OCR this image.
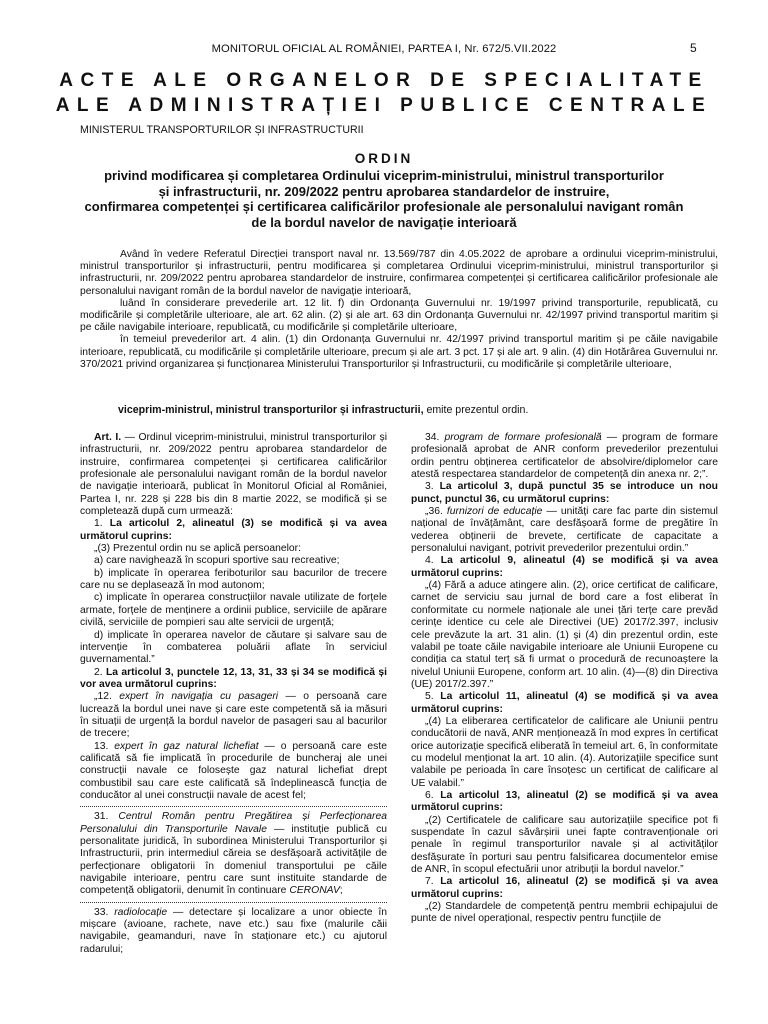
MONITORUL OFICIAL AL ROMÂNIEI, PARTEA I, Nr. 672/5.VII.2022	5
ACTE ALE ORGANELOR DE SPECIALITATE
ALE ADMINISTRAȚIEI PUBLICE CENTRALE
MINISTERUL TRANSPORTURILOR ȘI INFRASTRUCTURII
ORDIN
privind modificarea și completarea Ordinului viceprim-ministrului, ministrul transporturilor
și infrastructurii, nr. 209/2022 pentru aprobarea standardelor de instruire,
confirmarea competenței și certificarea calificărilor profesionale ale personalului navigant român
de la bordul navelor de navigație interioară

Având în vedere Referatul Direcției transport naval nr. 13.569/787 din 4.05.2022 de aprobare a ordinului viceprim-ministrului, ministrul transporturilor și infrastructurii, pentru modificarea și completarea Ordinului viceprim-ministrului, ministrul transporturilor și infrastructurii, nr. 209/2022 pentru aprobarea standardelor de instruire, confirmarea competenței și certificarea calificărilor profesionale ale personalului navigant român de la bordul navelor de navigație interioară,

luând în considerare prevederile art. 12 lit. f) din Ordonanța Guvernului nr. 19/1997 privind transporturile, republicată, cu modificările și completările ulterioare, ale art. 62 alin. (2) și ale art. 63 din Ordonanța Guvernului nr. 42/1997 privind transportul maritim și pe căile navigabile interioare, republicată, cu modificările și completările ulterioare,

în temeiul prevederilor art. 4 alin. (1) din Ordonanța Guvernului nr. 42/1997 privind transportul maritim și pe căile navigabile interioare, republicată, cu modificările și completările ulterioare, precum și ale art. 3 pct. 17 și ale art. 9 alin. (4) din Hotărârea Guvernului nr. 370/2021 privind organizarea și funcționarea Ministerului Transporturilor și Infrastructurii, cu modificările și completările ulterioare,

viceprim-ministrul, ministrul transporturilor și infrastructurii, emite prezentul ordin.

Art. I. — Ordinul viceprim-ministrului, ministrul transporturilor și infrastructurii, nr. 209/2022 pentru aprobarea standardelor de instruire, confirmarea competenței și certificarea calificărilor profesionale ale personalului navigant român de la bordul navelor de navigație interioară, publicat în Monitorul Oficial al României, Partea I, nr. 228 și 228 bis din 8 martie 2022, se modifică și se completează după cum urmează:

1. La articolul 2, alineatul (3) se modifică și va avea următorul cuprins:

„(3) Prezentul ordin nu se aplică persoanelor:

a) care navighează în scopuri sportive sau recreative;

b) implicate în operarea feriboturilor sau bacurilor de trecere care nu se deplasează în mod autonom;

c) implicate în operarea construcțiilor navale utilizate de forțele armate, forțele de menținere a ordinii publice, serviciile de apărare civilă, serviciile de pompieri sau alte servicii de urgență;

d) implicate în operarea navelor de căutare și salvare sau de intervenție în combaterea poluării aflate în serviciul guvernamental.”

2. La articolul 3, punctele 12, 13, 31, 33 și 34 se modifică și vor avea următorul cuprins:

„12. expert în navigația cu pasageri — o persoană care lucrează la bordul unei nave și care este competentă să ia măsuri în situații de urgență la bordul navelor de pasageri sau al bacurilor de trecere;

13. expert în gaz natural lichefiat — o persoană care este calificată să fie implicată în procedurile de buncheraj ale unei construcții navale ce folosește gaz natural lichefiat drept combustibil sau care este calificată să îndeplinească funcția de conducător al unei construcții navale de acest fel;

31. Centrul Român pentru Pregătirea și Perfecționarea Personalului din Transporturile Navale — instituție publică cu personalitate juridică, în subordinea Ministerului Transporturilor și Infrastructurii, prin intermediul căreia se desfășoară activitățile de perfecționare obligatorii în domeniul transportului pe căile navigabile interioare, pentru care sunt instituite standarde de competență obligatorii, denumit în continuare CERONAV;

33. radiolocație — detectare și localizare a unor obiecte în mișcare (avioane, rachete, nave etc.) sau fixe (malurile căii navigabile, geamanduri, nave în staționare etc.) cu ajutorul radarului;

34. program de formare profesională — program de formare profesională aprobat de ANR conform prevederilor prezentului ordin pentru obținerea certificatelor de absolvire/diplomelor care atestă respectarea standardelor de competență din anexa nr. 2;”.

3. La articolul 3, după punctul 35 se introduce un nou punct, punctul 36, cu următorul cuprins:

„36. furnizori de educație — unități care fac parte din sistemul național de învățământ, care desfășoară forme de pregătire în vederea obținerii de brevete, certificate de capacitate a personalului navigant, potrivit prevederilor prezentului ordin.”

4. La articolul 9, alineatul (4) se modifică și va avea următorul cuprins:

„(4) Fără a aduce atingere alin. (2), orice certificat de calificare, carnet de serviciu sau jurnal de bord care a fost eliberat în conformitate cu normele naționale ale unei țări terțe care prevăd cerințe identice cu cele ale Directivei (UE) 2017/2.397, inclusiv cele prevăzute la art. 31 alin. (1) și (4) din prezentul ordin, este valabil pe toate căile navigabile interioare ale Uniunii Europene cu condiția ca statul terț să fi urmat o procedură de recunoaștere la nivelul Uniunii Europene, conform art. 10 alin. (4)—(8) din Directiva (UE) 2017/2.397.”

5. La articolul 11, alineatul (4) se modifică și va avea următorul cuprins:

„(4) La eliberarea certificatelor de calificare ale Uniunii pentru conducătorii de navă, ANR menționează în mod expres în certificat orice autorizație specifică eliberată în temeiul art. 6, în conformitate cu modelul menționat la art. 10 alin. (4). Autorizațiile specifice sunt valabile pe perioada în care însoțesc un certificat de calificare al UE valabil.”

6. La articolul 13, alineatul (2) se modifică și va avea următorul cuprins:

„(2) Certificatele de calificare sau autorizațiile specifice pot fi suspendate în cazul săvârșirii unei fapte contravenționale ori penale în regimul transporturilor navale și al activităților desfășurate în porturi sau pentru falsificarea documentelor emise de ANR, în scopul efectuării unor atribuții la bordul navelor.”

7. La articolul 16, alineatul (2) se modifică și va avea următorul cuprins:

„(2) Standardele de competență pentru membrii echipajului de punte de nivel operațional, respectiv pentru funcțiile de
